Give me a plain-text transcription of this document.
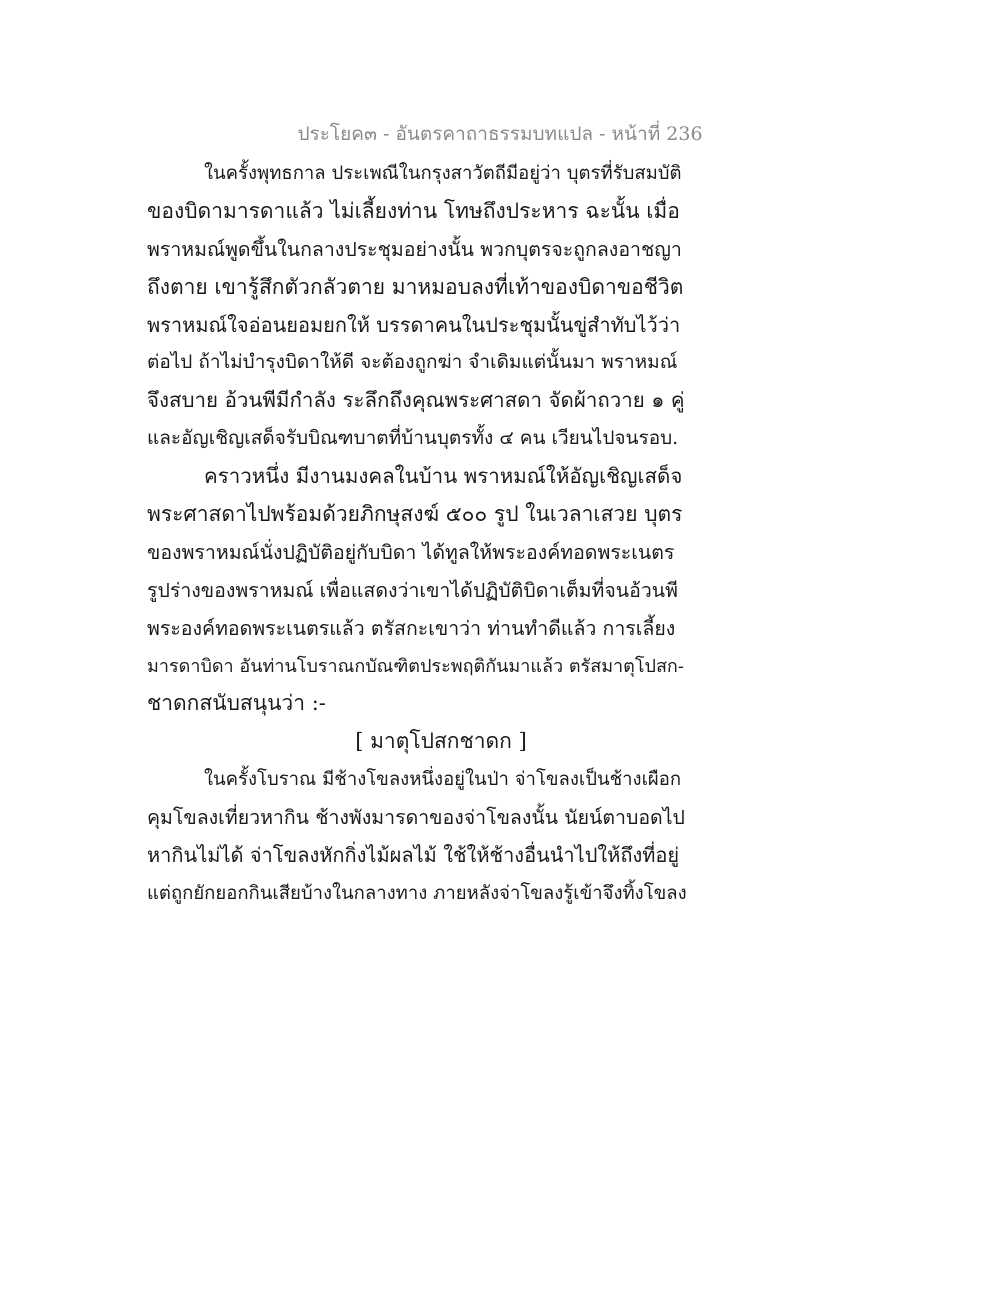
ประโยค๓ - อันตรคาถาธรรมบทแปล - หน้าที่ 236
ในครั้งพุทธกาล ประเพณีในกรุงสาวัตถีมีอยู่ว่า บุตรที่รับสมบัติ
ของบิดามารดาแล้ว ไม่เลี้ยงท่าน โทษถึงประหาร ฉะนั้น เมื่อ
พราหมณ์พูดขึ้นในกลางประชุมอย่างนั้น พวกบุตรจะถูกลงอาชญา
ถึงตาย เขารู้สึกตัวกลัวตาย มาหมอบลงที่เท้าของบิดาขอชีวิต
พราหมณ์ใจอ่อนยอมยกให้ บรรดาคนในประชุมนั้นขู่สำทับไว้ว่า
ต่อไป ถ้าไม่บำรุงบิดาให้ดี จะต้องถูกฆ่า จำเดิมแต่นั้นมา พราหมณ์
จึงสบาย อ้วนพีมีกำลัง ระลึกถึงคุณพระศาสดา จัดผ้าถวาย ๑ คู่
และอัญเชิญเสด็จรับบิณฑบาตที่บ้านบุตรทั้ง ๔ คน เวียนไปจนรอบ.
คราวหนึ่ง มีงานมงคลในบ้าน พราหมณ์ให้อัญเชิญเสด็จ
พระศาสดาไปพร้อมด้วยภิกษุสงฆ์ ๕๐๐ รูป ในเวลาเสวย บุตร
ของพราหมณ์นั่งปฏิบัติอยู่กับบิดา ได้ทูลให้พระองค์ทอดพระเนตร
รูปร่างของพราหมณ์ เพื่อแสดงว่าเขาได้ปฏิบัติบิดาเต็มที่จนอ้วนพี
พระองค์ทอดพระเนตรแล้ว ตรัสกะเขาว่า ท่านทำดีแล้ว การเลี้ยง
มารดาบิดา อันท่านโบราณกบัณฑิตประพฤติกันมาแล้ว ตรัสมาตุโปสก-
ชาดกสนับสนุนว่า :-
[ มาตุโปสกชาดก ]
ในครั้งโบราณ มีช้างโขลงหนึ่งอยู่ในป่า จ่าโขลงเป็นช้างเผือก
คุมโขลงเที่ยวหากิน ช้างพังมารดาของจ่าโขลงนั้น นัยน์ตาบอดไป
หากินไม่ได้ จ่าโขลงหักกิ่งไม้ผลไม้ ใช้ให้ช้างอื่นนำไปให้ถึงที่อยู่
แต่ถูกยักยอกกินเสียบ้างในกลางทาง ภายหลังจ่าโขลงรู้เข้าจึงทิ้งโขลง
